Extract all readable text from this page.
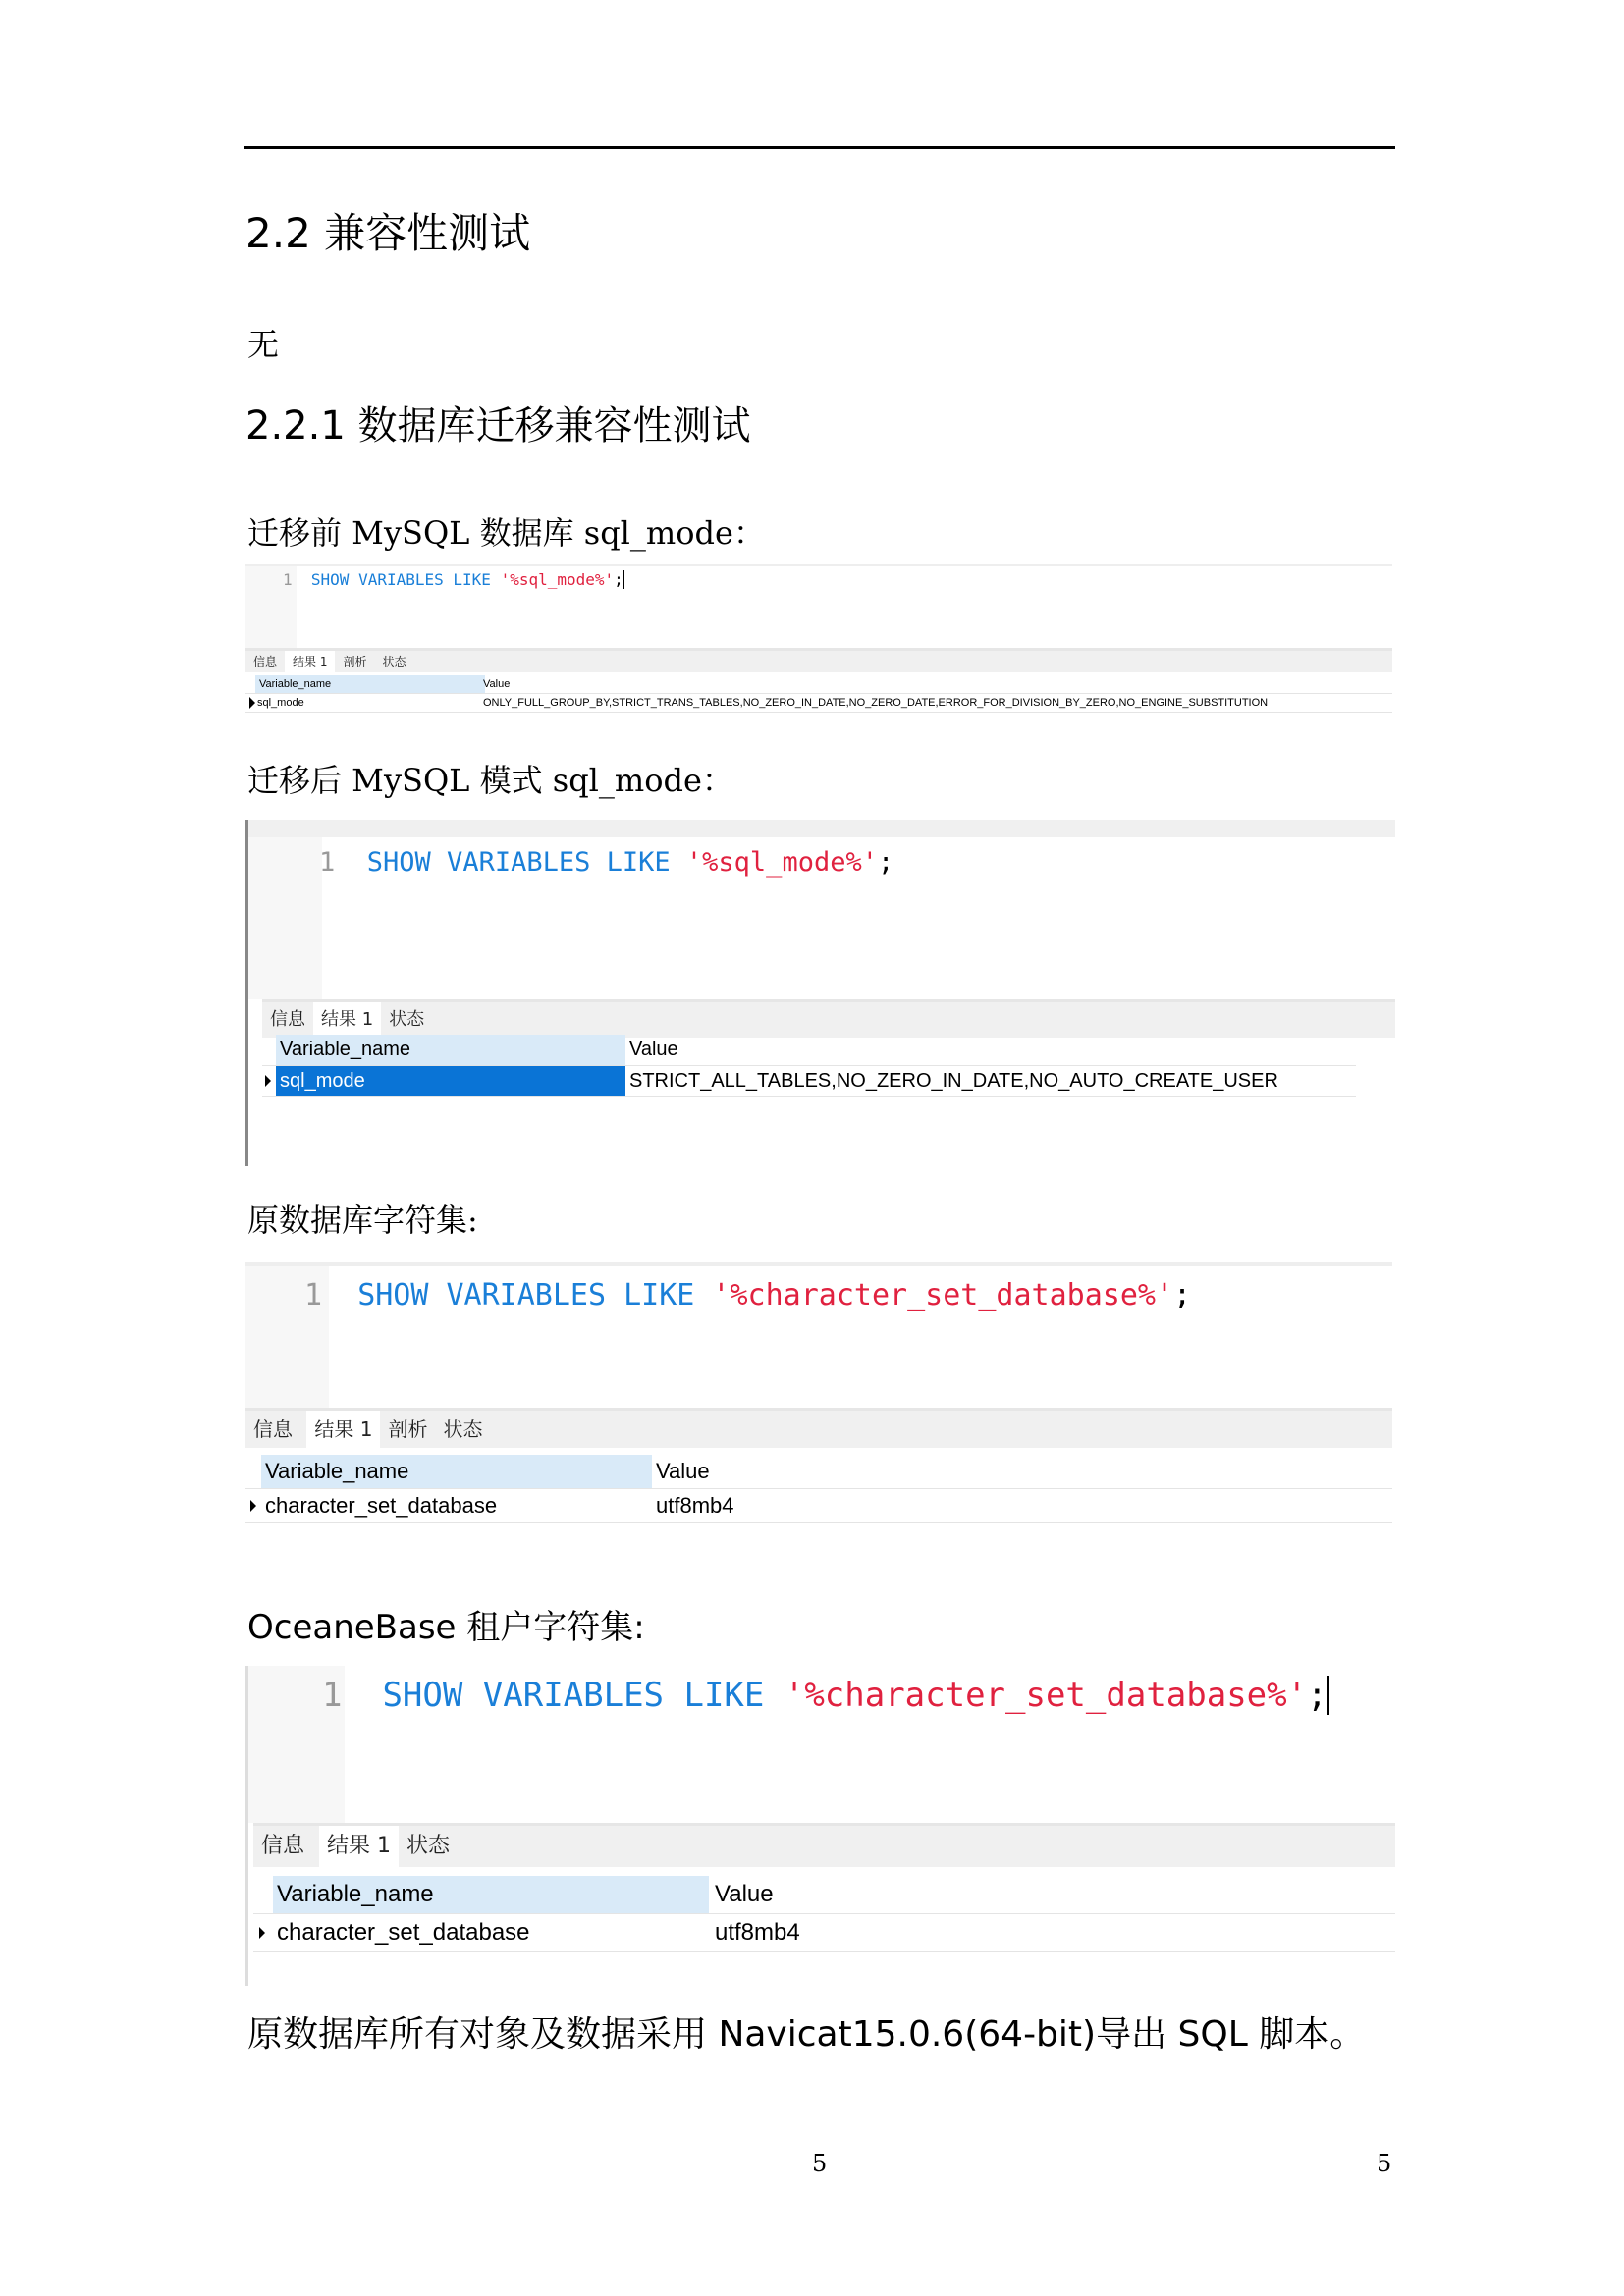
2.2 兼容性测试
无
2.2.1 数据库迁移兼容性测试
迁移前 MySQL 数据库 sql_mode：
1 SHOW VARIABLES LIKE '%sql_mode%';
信息 结果 1 剖析 状态
Variable_name	Value
sql_mode	ONLY_FULL_GROUP_BY,STRICT_TRANS_TABLES,NO_ZERO_IN_DATE,NO_ZERO_DATE,ERROR_FOR_DIVISION_BY_ZERO,NO_ENGINE_SUBSTITUTION
迁移后 MySQL 模式 sql_mode：
1 SHOW VARIABLES LIKE '%sql_mode%';
信息 结果 1 状态
Variable_name	Value
sql_mode	STRICT_ALL_TABLES,NO_ZERO_IN_DATE,NO_AUTO_CREATE_USER
原数据库字符集:
1 SHOW VARIABLES LIKE '%character_set_database%';
信息 结果 1 剖析 状态
Variable_name	Value
character_set_database	utf8mb4
OceaneBase 租户字符集:
1 SHOW VARIABLES LIKE '%character_set_database%';
信息 结果 1 状态
Variable_name	Value
character_set_database	utf8mb4
原数据库所有对象及数据采用 Navicat15.0.6(64-bit)导出 SQL 脚本。
5	5
